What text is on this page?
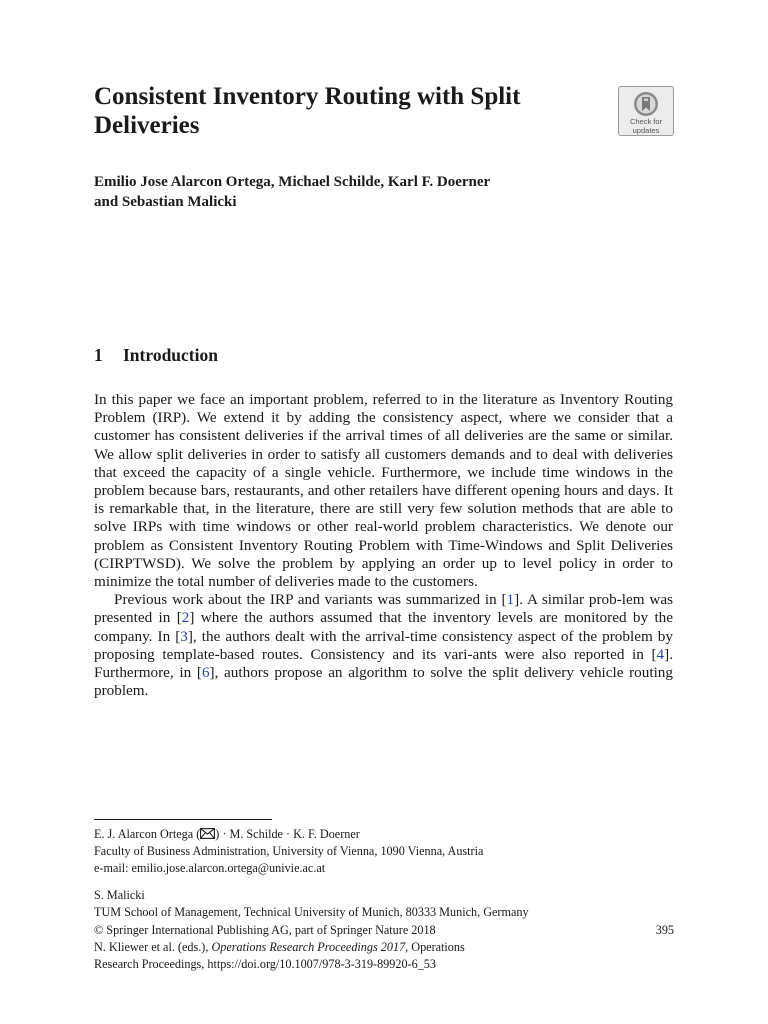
Consistent Inventory Routing with Split
Deliveries	Check for
updates
Emilio Jose Alarcon Ortega, Michael Schilde, Karl F. Doerner
and Sebastian Malicki
1 Introduction

In this paper we face an important problem, referred to in the literature as Inventory Routing Problem (IRP). We extend it by adding the consistency aspect, where we consider that a customer has consistent deliveries if the arrival times of all deliveries are the same or similar. We allow split deliveries in order to satisfy all customers demands and to deal with deliveries that exceed the capacity of a single vehicle. Furthermore, we include time windows in the problem because bars, restaurants, and other retailers have different opening hours and days. It is remarkable that, in the literature, there are still very few solution methods that are able to solve IRPs with time windows or other real-world problem characteristics. We denote our problem as Consistent Inventory Routing Problem with Time-Windows and Split Deliveries (CIRPTWSD). We solve the problem by applying an order up to level policy in order to minimize the total number of deliveries made to the customers.

Previous work about the IRP and variants was summarized in [1]. A similar prob-lem was presented in [2] where the authors assumed that the inventory levels are monitored by the company. In [3], the authors dealt with the arrival-time consistency aspect of the problem by proposing template-based routes. Consistency and its vari-ants were also reported in [4]. Furthermore, in [6], authors propose an algorithm to solve the split delivery vehicle routing problem.

E. J. Alarcon Ortega ( ) · M. Schilde · K. F. Doerner
Faculty of Business Administration, University of Vienna, 1090 Vienna, Austria
e-mail: emilio.jose.alarcon.ortega@univie.ac.at
S. Malicki
TUM School of Management, Technical University of Munich, 80333 Munich, Germany
© Springer International Publishing AG, part of Springer Nature 2018
N. Kliewer et al. (eds.), Operations Research Proceedings 2017, Operations
Research Proceedings, https://doi.org/10.1007/978-3-319-89920-6_53
395
